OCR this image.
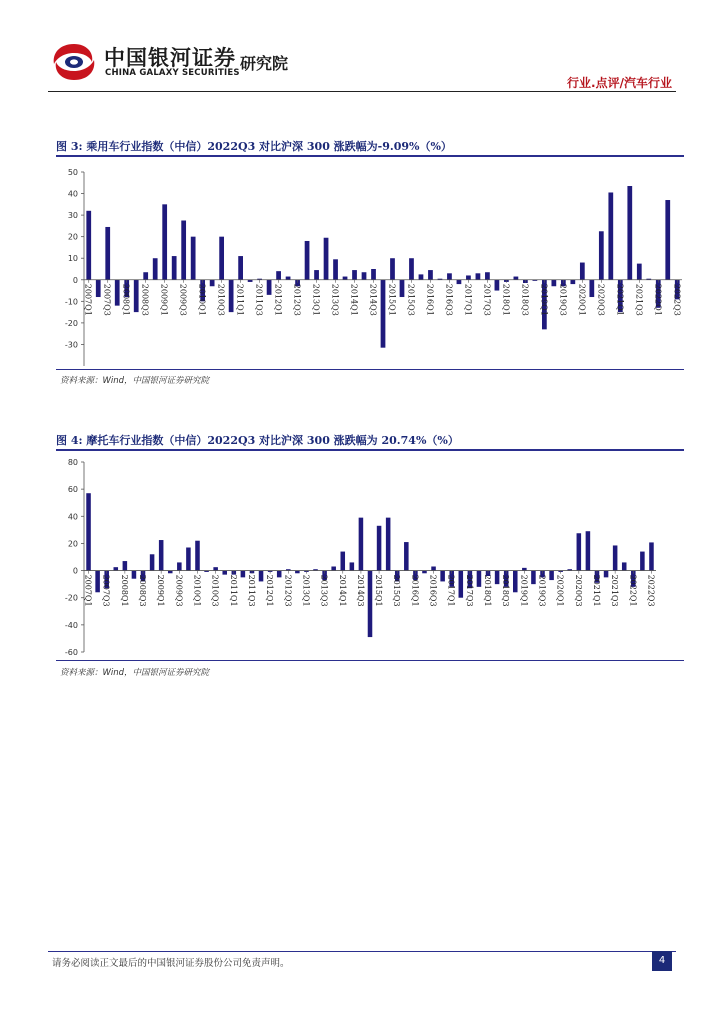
中国银河证券
CHINA GALAXY SECURITIES 研究院
行业.点评/汽车行业
图 3: 乘用车行业指数（中信）2022Q3 对比沪深 300 涨跌幅为-9.09%（%）
-30
-20
-10
0
10
20
30
40
50
2007Q1 2007Q3 2008Q1 2008Q3 2009Q1 2009Q3 2010Q1 2010Q3 2011Q1 2011Q3 2012Q1 2012Q3 2013Q1 2013Q3 2014Q1 2014Q3 2015Q1 2015Q3 2016Q1 2016Q3 2017Q1 2017Q3 2018Q1 2018Q3 2019Q1 2019Q3 2020Q1 2020Q3 2021Q1 2021Q3 2022Q1 2022Q3
资料来源：Wind，中国银河证券研究院
图 4: 摩托车行业指数（中信）2022Q3 对比沪深 300 涨跌幅为 20.74%（%）
-60
-40
-20
0
20
40
60
80
2007Q1 2007Q3 2008Q1 2008Q3 2009Q1 2009Q3 2010Q1 2010Q3 2011Q1 2011Q3 2012Q1 2012Q3 2013Q1 2013Q3 2014Q1 2014Q3 2015Q1 2015Q3 2016Q1 2016Q3 2017Q1 2017Q3 2018Q1 2018Q3 2019Q1 2019Q3 2020Q1 2020Q3 2021Q1 2021Q3 2022Q1 2022Q3
资料来源：Wind，中国银河证券研究院
请务必阅读正文最后的中国银河证券股份公司免责声明。	4
